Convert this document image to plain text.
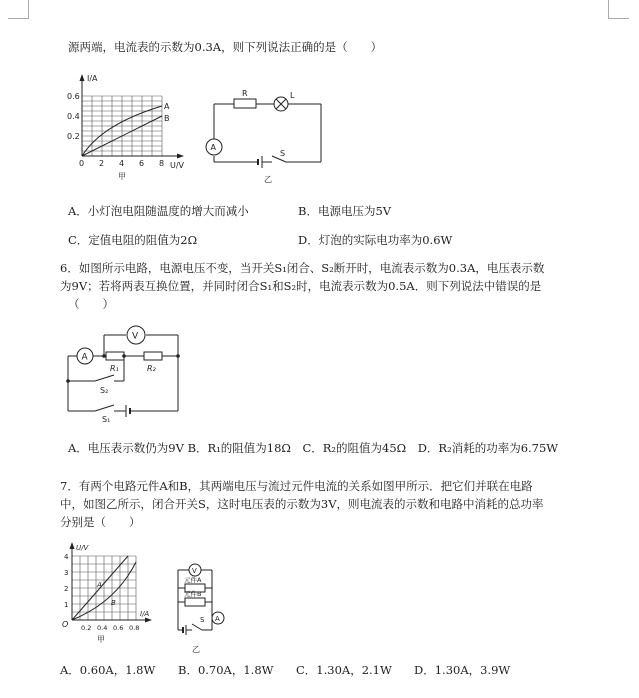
源两端，电流表的示数为0.3A，则下列说法正确的是（　　）
I/A
0.6
0.4
0.2
0 2 4 6 8 U/V
A
B
甲
R	L
A
S
乙
A．小灯泡电阻随温度的增大而减小	B．电源电压为5V
C．定值电阻的阻值为2Ω	D．灯泡的实际电功率为0.6W
6．如图所示电路，电源电压不变，当开关S₁闭合、S₂断开时，电流表示数为0.3A，电压表示数
为9V；若将两表互换位置，并同时闭合S₁和S₂时，电流表示数为0.5A．则下列说法中错误的是
（　　）
V
A
R₁	R₂
S₂
S₁
A．电压表示数仍为9V B．R₁的阻值为18Ω　C．R₂的阻值为45Ω　D．R₂消耗的功率为6.75W
7．有两个电路元件A和B，其两端电压与流过元件电流的关系如图甲所示．把它们并联在电路
中，如图乙所示，闭合开关S，这时电压表的示数为3V，则电流表的示数和电路中消耗的总功率
分别是（　　）
U/V
4
3
2
1
O 0.2 0.4 0.6 0.8
I/A
A
B
甲
V
元件A
元件B
S A
乙
A．0.60A，1.8W B．0.70A，1.8W C．1.30A，2.1W D．1.30A，3.9W
